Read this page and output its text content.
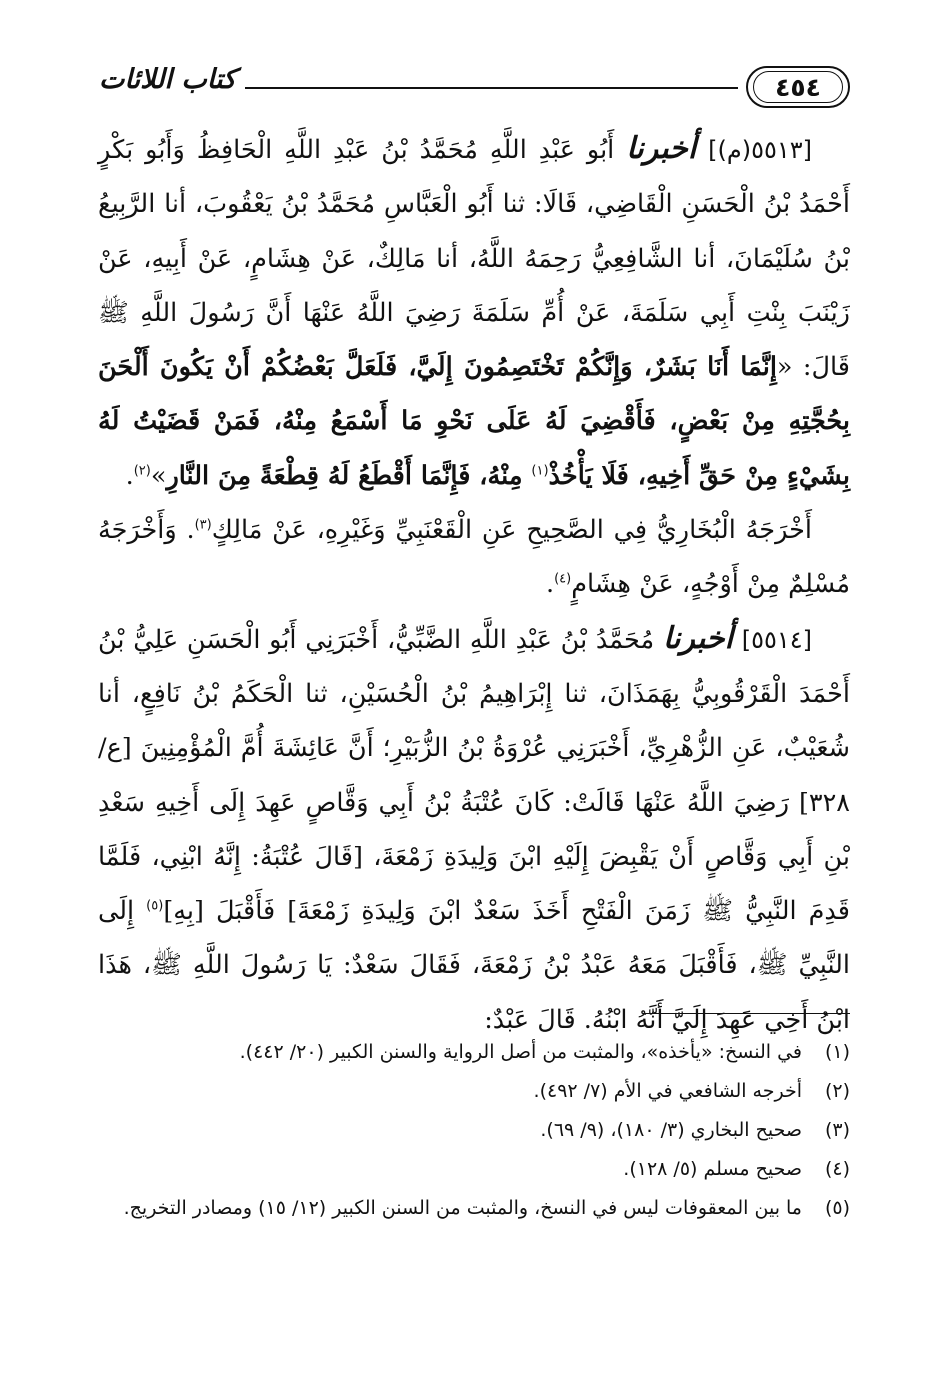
٤٥٤
كتاب اللائات

[٥٥١٣(م)] أخبرنا أَبُو عَبْدِ اللَّهِ مُحَمَّدُ بْنُ عَبْدِ اللَّهِ الْحَافِظُ وَأَبُو بَكْرٍ أَحْمَدُ بْنُ الْحَسَنِ الْقَاضِي، قَالَا: ثنا أَبُو الْعَبَّاسِ مُحَمَّدُ بْنُ يَعْقُوبَ، أنا الرَّبِيعُ بْنُ سُلَيْمَانَ، أنا الشَّافِعِيُّ رَحِمَهُ اللَّهُ، أنا مَالِكٌ، عَنْ هِشَامٍ، عَنْ أَبِيهِ، عَنْ زَيْنَبَ بِنْتِ أَبِي سَلَمَةَ، عَنْ أُمِّ سَلَمَةَ رَضِيَ اللَّهُ عَنْهَا أَنَّ رَسُولَ اللَّهِ ﷺ قَالَ: «إِنَّمَا أَنَا بَشَرٌ، وَإِنَّكُمْ تَخْتَصِمُونَ إِلَيَّ، فَلَعَلَّ بَعْضُكُمْ أَنْ يَكُونَ أَلْحَنَ بِحُجَّتِهِ مِنْ بَعْضٍ، فَأَقْضِيَ لَهُ عَلَى نَحْوِ مَا أَسْمَعُ مِنْهُ، فَمَنْ قَضَيْتُ لَهُ بِشَيْءٍ مِنْ حَقِّ أَخِيهِ، فَلَا يَأْخُذْ$^{(١)}$ مِنْهُ، فَإِنَّمَا أَقْطَعُ لَهُ قِطْعَةً مِنَ النَّارِ»$^{(٢)}$.

أَخْرَجَهُ الْبُخَارِيُّ فِي الصَّحِيحِ عَنِ الْقَعْنَبِيِّ وَغَيْرِهِ، عَنْ مَالِكٍ$^{(٣)}$. وَأَخْرَجَهُ مُسْلِمٌ مِنْ أَوْجُهٍ، عَنْ هِشَامٍ$^{(٤)}$.

[٥٥١٤] أخبرنا مُحَمَّدُ بْنُ عَبْدِ اللَّهِ الضَّبِّيُّ، أَخْبَرَنِي أَبُو الْحَسَنِ عَلِيُّ بْنُ أَحْمَدَ الْقَرْقُوبِيُّ بِهَمَذَانَ، ثنا إِبْرَاهِيمُ بْنُ الْحُسَيْنِ، ثنا الْحَكَمُ بْنُ نَافِعٍ، أنا شُعَيْبٌ، عَنِ الزُّهْرِيِّ، أَخْبَرَنِي عُرْوَةُ بْنُ الزُّبَيْرِ؛ أَنَّ عَائِشَةَ أُمَّ الْمُؤْمِنِينَ [ع/٣٢٨] رَضِيَ اللَّهُ عَنْهَا قَالَتْ: كَانَ عُتْبَةُ بْنُ أَبِي وَقَّاصٍ عَهِدَ إِلَى أَخِيهِ سَعْدِ بْنِ أَبِي وَقَّاصٍ أَنْ يَقْبِضَ إِلَيْهِ ابْنَ وَلِيدَةِ زَمْعَةَ، [قَالَ عُتْبَةُ: إِنَّهُ ابْنِي، فَلَمَّا قَدِمَ النَّبِيُّ ﷺ زَمَنَ الْفَتْحِ أَخَذَ سَعْدٌ ابْنَ وَلِيدَةِ زَمْعَةَ] فَأَقْبَلَ [بِهِ]$^{(٥)}$ إِلَى النَّبِيِّ ﷺ، فَأَقْبَلَ مَعَهُ عَبْدُ بْنُ زَمْعَةَ، فَقَالَ سَعْدٌ: يَا رَسُولَ اللَّهِ ﷺ، هَذَا ابْنُ أَخِي عَهِدَ إِلَيَّ أَنَّهُ ابْنُهُ. قَالَ عَبْدٌ:

(١)
في النسخ: «يأخذه»، والمثبت من أصل الرواية والسنن الكبير (٢٠/ ٤٤٢).
(٢)
أخرجه الشافعي في الأم (٧/ ٤٩٢).
(٣)
صحيح البخاري (٣/ ١٨٠)، (٩/ ٦٩).
(٤)
صحيح مسلم (٥/ ١٢٨).
(٥)
ما بين المعقوفات ليس في النسخ، والمثبت من السنن الكبير (١٢/ ١٥) ومصادر التخريج.
